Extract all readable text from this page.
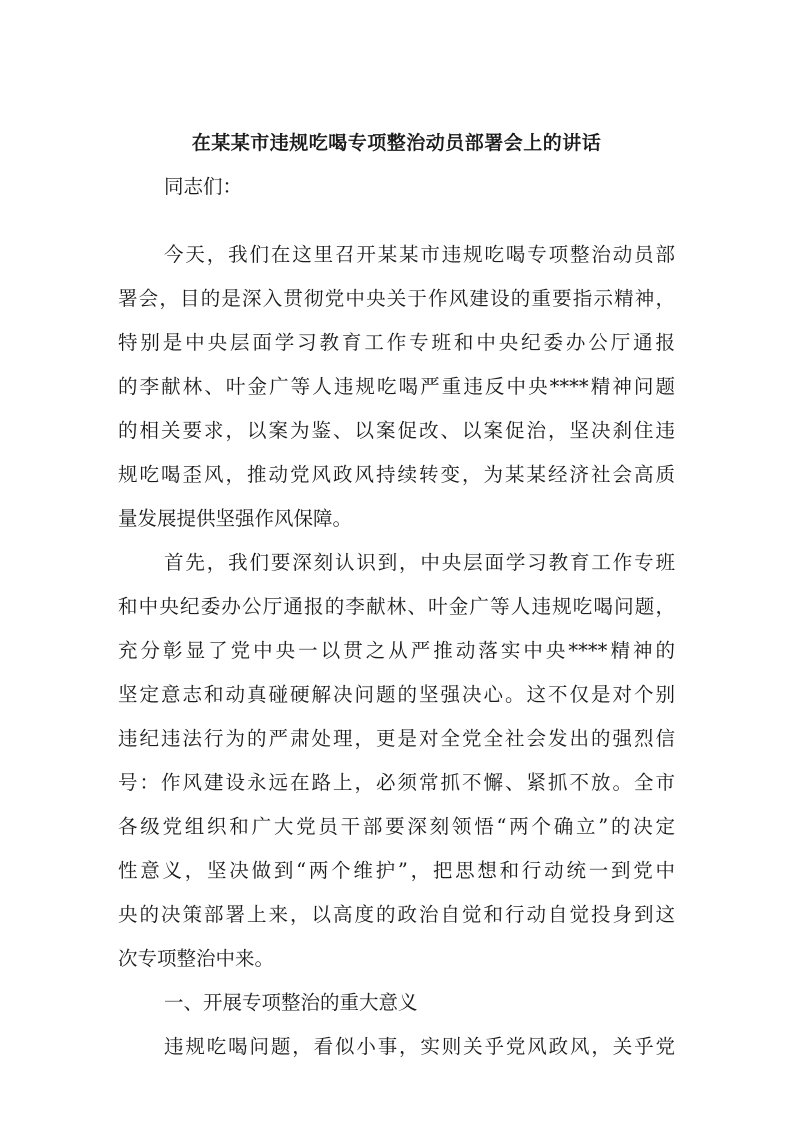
在某某市违规吃喝专项整治动员部署会上的讲话
同志们：
今天，我们在这里召开某某市违规吃喝专项整治动员部
署会，目的是深入贯彻党中央关于作风建设的重要指示精神，
特别是中央层面学习教育工作专班和中央纪委办公厅通报
的李献林、叶金广等人违规吃喝严重违反中央****精神问题
的相关要求，以案为鉴、以案促改、以案促治，坚决刹住违
规吃喝歪风，推动党风政风持续转变，为某某经济社会高质
量发展提供坚强作风保障。
首先，我们要深刻认识到，中央层面学习教育工作专班
和中央纪委办公厅通报的李献林、叶金广等人违规吃喝问题，
充分彰显了党中央一以贯之从严推动落实中央****精神的
坚定意志和动真碰硬解决问题的坚强决心。这不仅是对个别
违纪违法行为的严肃处理，更是对全党全社会发出的强烈信
号：作风建设永远在路上，必须常抓不懈、紧抓不放。全市
各级党组织和广大党员干部要深刻领悟“两个确立”的决定
性意义，坚决做到“两个维护”，把思想和行动统一到党中
央的决策部署上来，以高度的政治自觉和行动自觉投身到这
次专项整治中来。
一、开展专项整治的重大意义
违规吃喝问题，看似小事，实则关乎党风政风，关乎党
